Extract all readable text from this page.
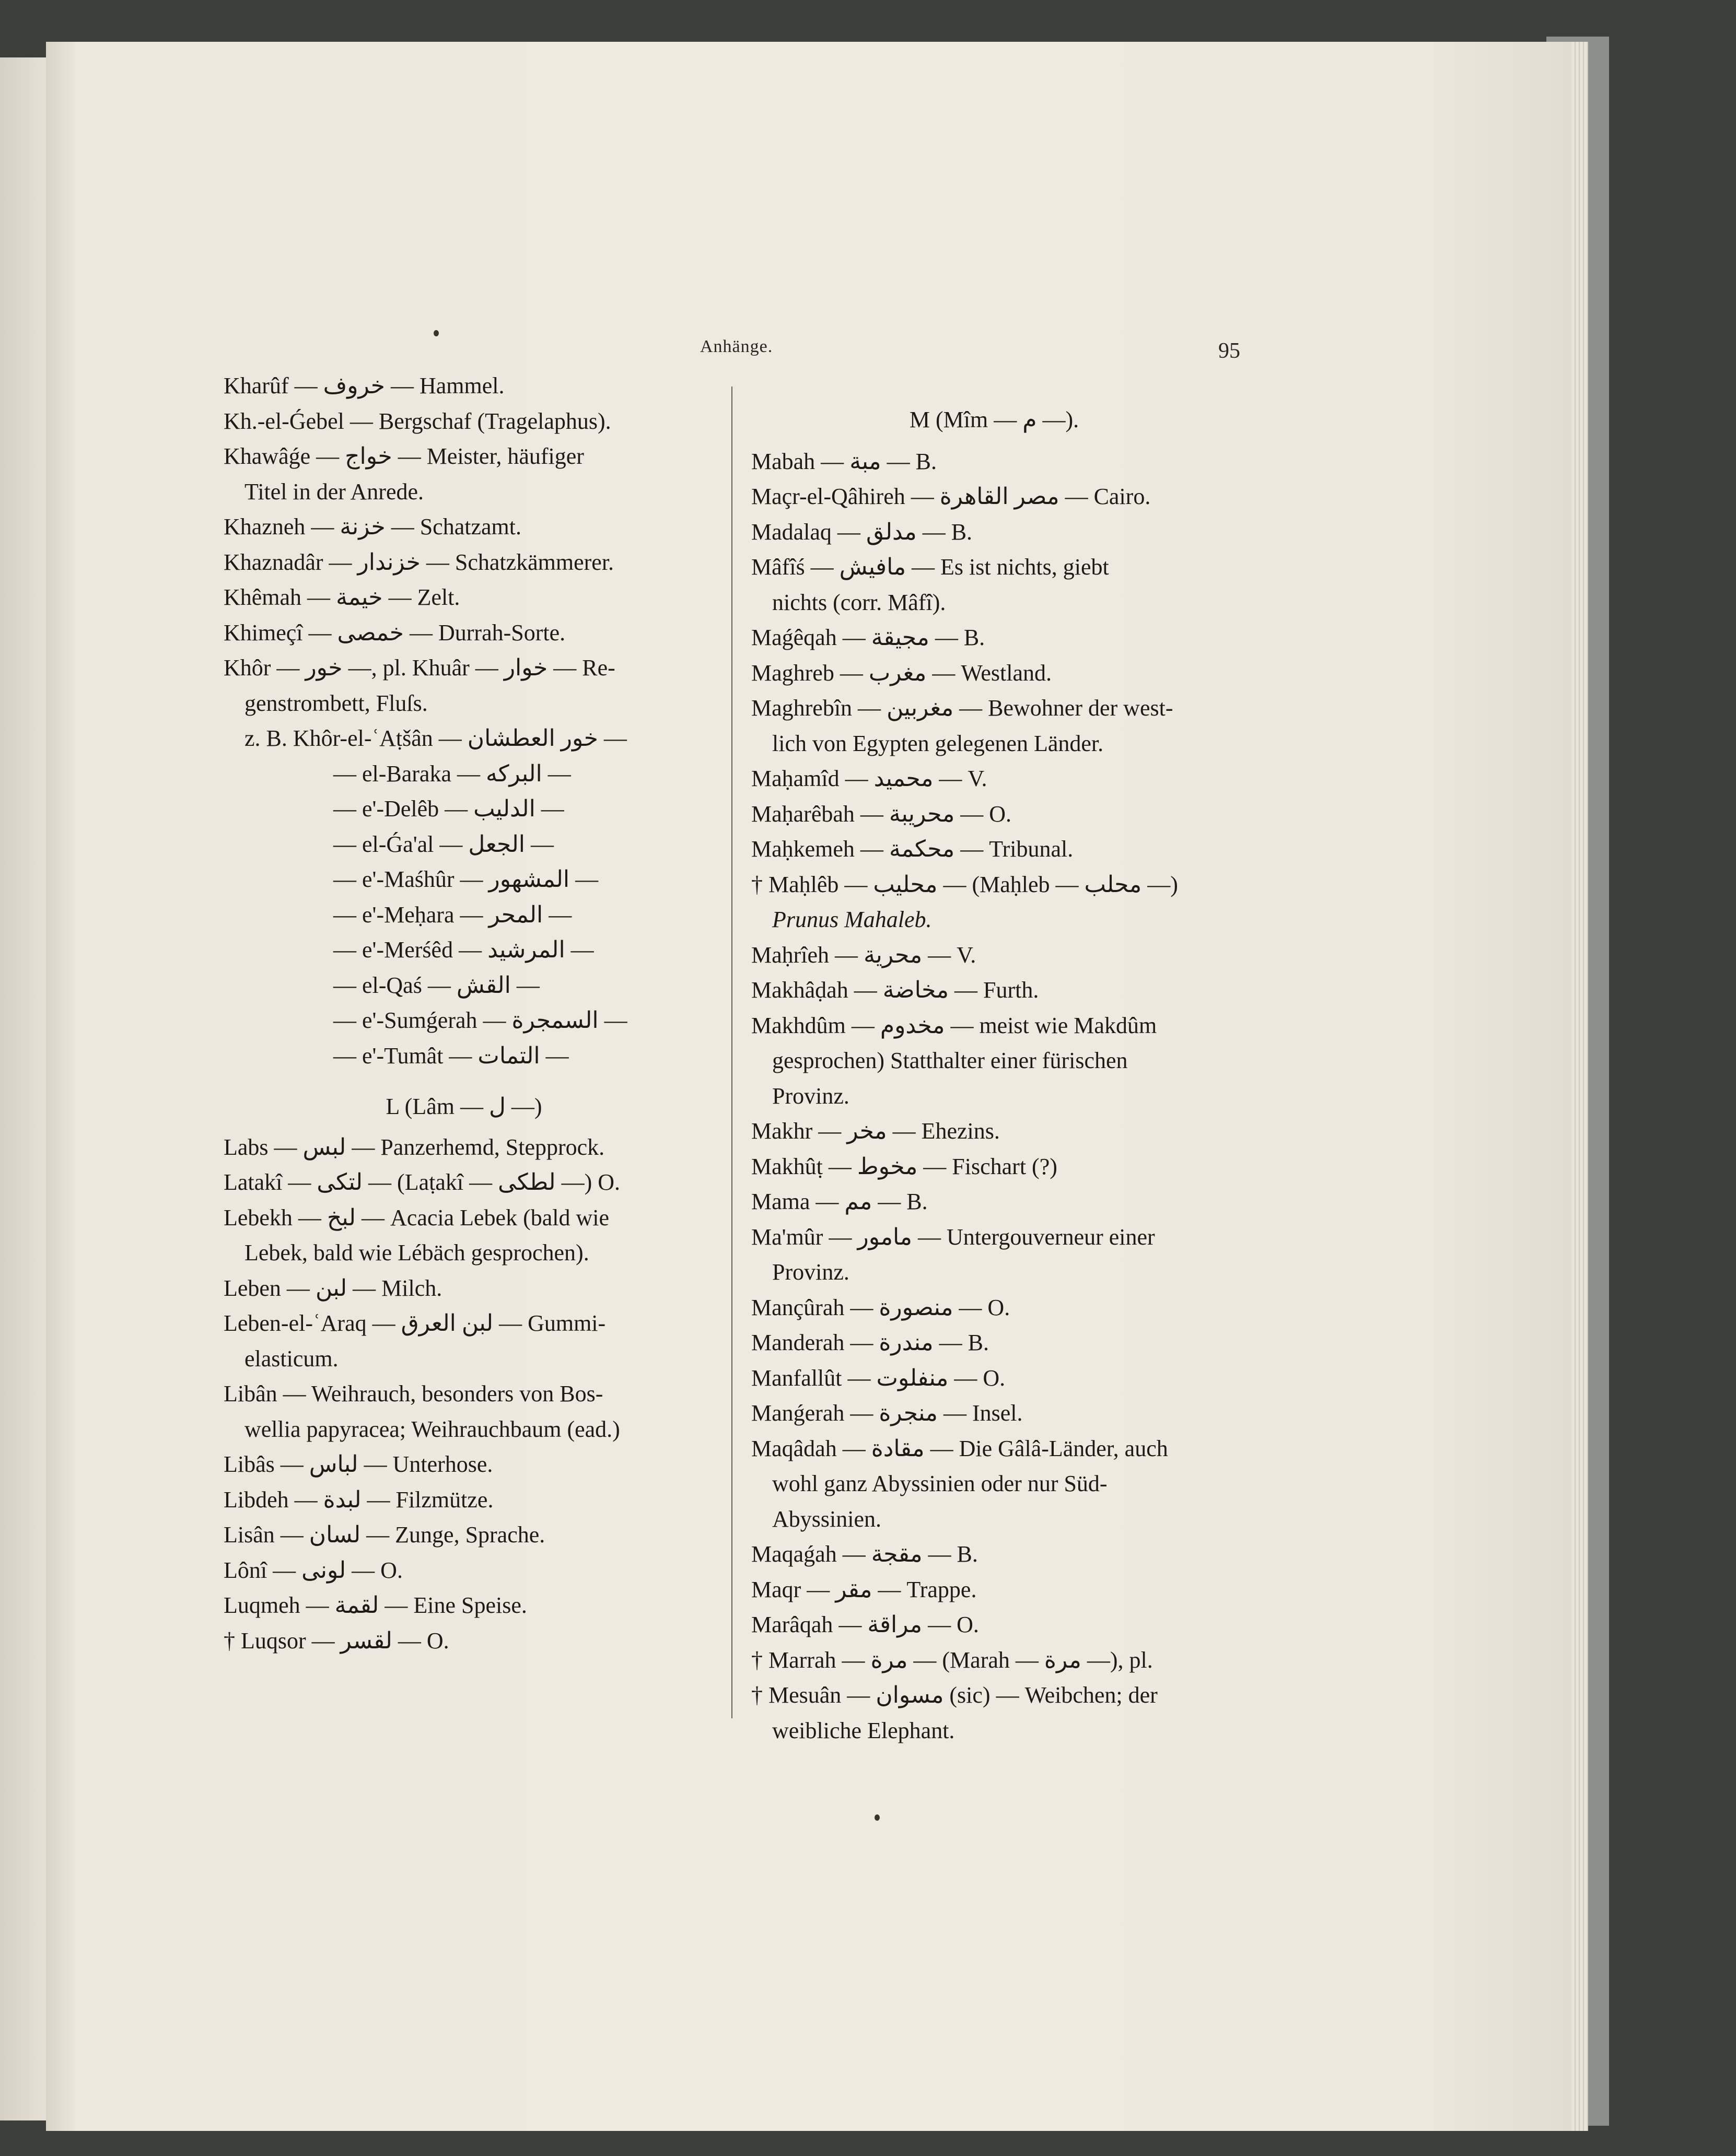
Anhänge.	95
Kharûf — خروف — Hammel.
Kh.-el-Ǵebel — Bergschaf (Tragelaphus).
Khawâǵe — خواج — Meister, häufiger
Titel in der Anrede.
Khazneh — خزنة — Schatzamt.
Khaznadâr — خزندار — Schatzkämmerer.
Khêmah — خيمة — Zelt.
Khimeçî — خمصى — Durrah-Sorte.
Khôr — خور —, pl. Khuâr — خوار — Re-
genstrombett, Fluſs.
z. B. Khôr-el-ʿAṭšân — خور العطشان —
— el-Baraka — البركه —
— e'-Delêb — الدليب —
— el-Ǵa'al — الجعل —
— e'-Maśhûr — المشهور —
— e'-Meḥara — المحر —
— e'-Merśêd — المرشيد —
— el-Qaś — القش —
— e'-Sumǵerah — السمجرة —
— e'-Tumât — التمات —
L (Lâm — ل —)
Labs — لبس — Panzerhemd, Stepprock.
Latakî — لتكى — (Laṭakî — لطكى —) O.
Lebekh — لبخ — Acacia Lebek (bald wie
Lebek, bald wie Lébäch gesprochen).
Leben — لبن — Milch.
Leben-el-ʿAraq — لبن العرق — Gummi-
elasticum.
Libân — Weihrauch, besonders von Bos-
wellia papyracea; Weihrauchbaum (ead.)
Libâs — لباس — Unterhose.
Libdeh — لبدة — Filzmütze.
Lisân — لسان — Zunge, Sprache.
Lônî — لونى — O.
Luqmeh — لقمة — Eine Speise.
† Luqsor — لقسر — O.
M (Mîm — م —).
Mabah — مبة — B.
Maçr-el-Qâhireh — مصر القاهرة — Cairo.
Madalaq — مدلق — B.
Mâfîś — مافيش — Es ist nichts, giebt
nichts (corr. Mâfî).
Maǵêqah — مجيقة — B.
Maghreb — مغرب — Westland.
Maghrebîn — مغربين — Bewohner der west-
lich von Egypten gelegenen Länder.
Maḥamîd — محميد — V.
Maḥarêbah — محريبة — O.
Maḥkemeh — محكمة — Tribunal.
† Maḥlêb — محليب — (Maḥleb — محلب —)
Prunus Mahaleb.
Maḥrîeh — محرية — V.
Makhâḍah — مخاضة — Furth.
Makhdûm — مخدوم — meist wie Makdûm
gesprochen) Statthalter einer fürischen
Provinz.
Makhr — مخر — Ehezins.
Makhûṭ — مخوط — Fischart (?)
Mama — مم — B.
Ma'mûr — مامور — Untergouverneur einer
Provinz.
Mançûrah — منصورة — O.
Manderah — مندرة — B.
Manfallût — منفلوت — O.
Manǵerah — منجرة — Insel.
Maqâdah — مقادة — Die Gâlâ-Länder, auch
wohl ganz Abyssinien oder nur Süd-
Abyssinien.
Maqaǵah — مقجة — B.
Maqr — مقر — Trappe.
Marâqah — مراقة — O.
† Marrah — مرة — (Marah — مرة —), pl.
† Mesuân — مسوان (sic) — Weibchen; der
weibliche Elephant.
